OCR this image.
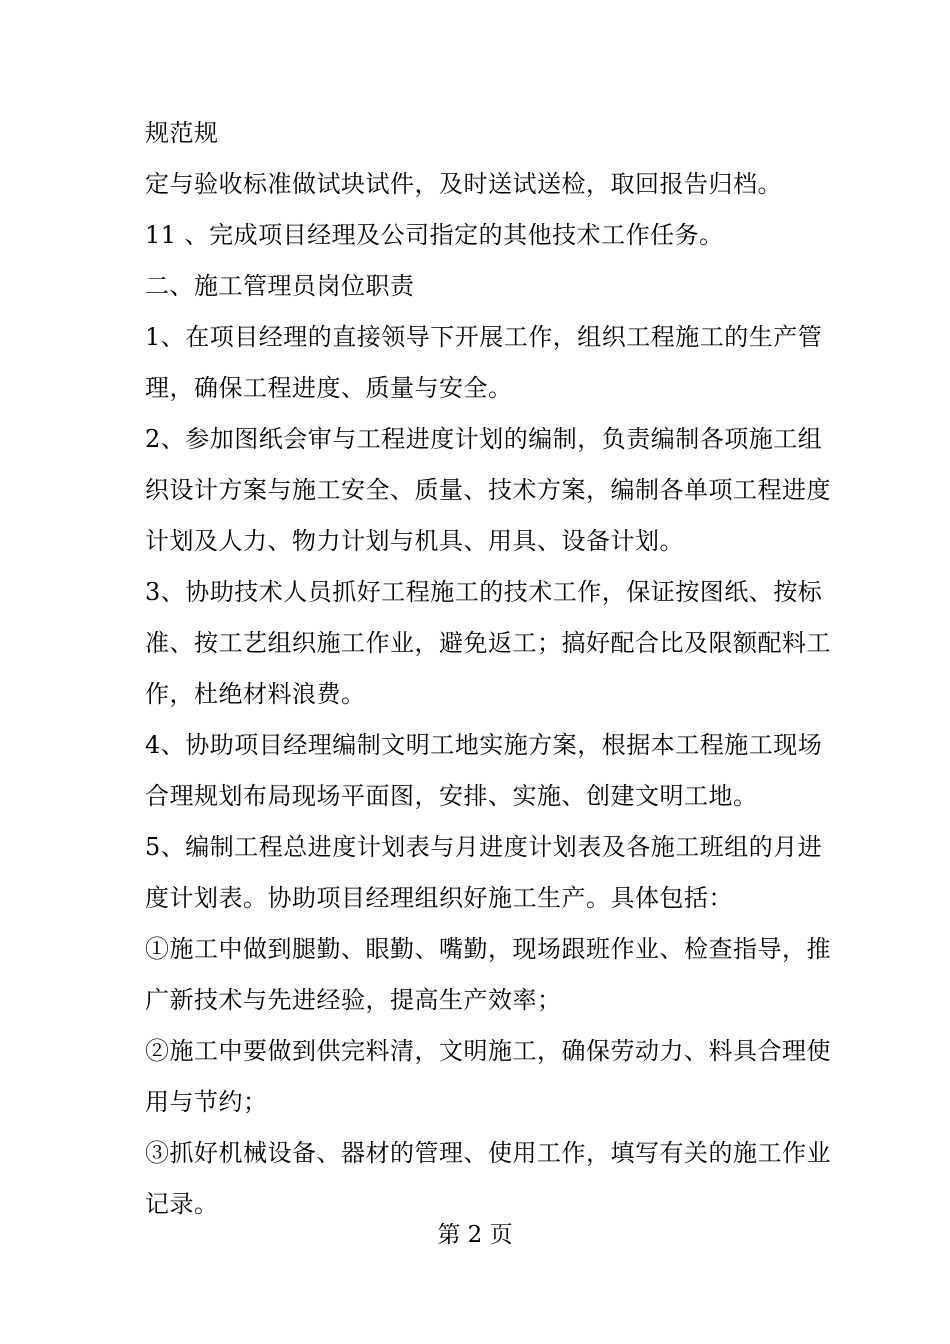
规范规
定与验收标准做试块试件，及时送试送检，取回报告归档。
11 、完成项目经理及公司指定的其他技术工作任务。
二、施工管理员岗位职责
1、在项目经理的直接领导下开展工作，组织工程施工的生产管
理，确保工程进度、质量与安全。
2、参加图纸会审与工程进度计划的编制，负责编制各项施工组
织设计方案与施工安全、质量、技术方案，编制各单项工程进度
计划及人力、物力计划与机具、用具、设备计划。
3、协助技术人员抓好工程施工的技术工作，保证按图纸、按标
准、按工艺组织施工作业，避免返工；搞好配合比及限额配料工
作，杜绝材料浪费。
4、协助项目经理编制文明工地实施方案，根据本工程施工现场
合理规划布局现场平面图，安排、实施、创建文明工地。
5、编制工程总进度计划表与月进度计划表及各施工班组的月进
度计划表。协助项目经理组织好施工生产。具体包括：
①施工中做到腿勤、眼勤、嘴勤，现场跟班作业、检查指导，推
广新技术与先进经验，提高生产效率；
②施工中要做到供完料清，文明施工，确保劳动力、料具合理使
用与节约；
③抓好机械设备、器材的管理、使用工作，填写有关的施工作业
记录。
第 2 页
